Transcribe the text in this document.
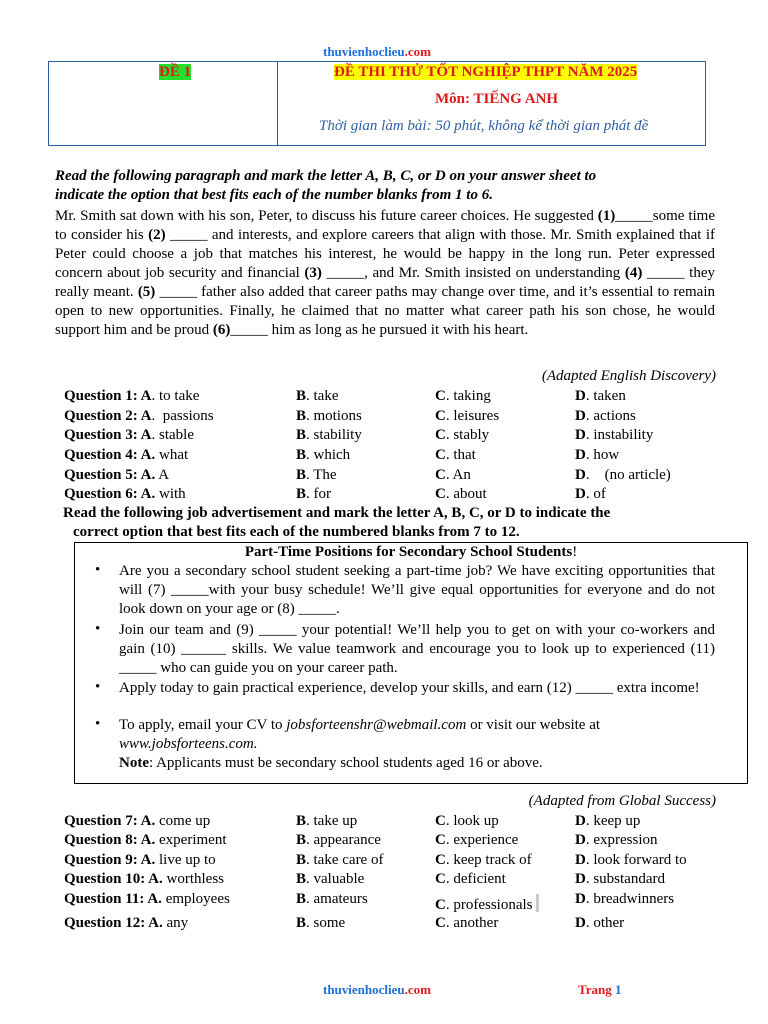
thuvienhoclieu.com
ĐỀ 1	ĐỀ THI THỬ TỐT NGHIỆP THPT NĂM 2025
Môn: TIẾNG ANH
Thời gian làm bài: 50 phút, không kể thời gian phát đề
Read the following paragraph and mark the letter A, B, C, or D on your answer sheet to
indicate the option that best fits each of the number blanks from 1 to 6.
Mr. Smith sat down with his son, Peter, to discuss his future career choices. He suggested (1)_____some time to consider his (2) _____ and interests, and explore careers that align with those. Mr. Smith explained that if Peter could choose a job that matches his interest, he would be happy in the long run. Peter expressed concern about job security and financial (3) _____, and Mr. Smith insisted on understanding (4) _____ they really meant. (5) _____ father also added that career paths may change over time, and it’s essential to remain open to new opportunities. Finally, he claimed that no matter what career path his son chose, he would support him and be proud (6)_____ him as long as he pursued it with his heart.
(Adapted English Discovery)
Question 1: A. to take	B. take	C. taking	D. taken
Question 2: A.  passions	B. motions	C. leisures	D. actions
Question 3: A. stable	B. stability	C. stably	D. instability
Question 4: A. what	B. which	C. that	D. how
Question 5: A. A	B. The	C. An	D.    (no article)
Question 6: A. with	B. for	C. about	D. of
Read the following job advertisement and mark the letter A, B, C, or D to indicate the
correct option that best fits each of the numbered blanks from 7 to 12.
Part-Time Positions for Secondary School Students!
• Are you a secondary school student seeking a part-time job? We have exciting opportunities that will (7) _____with your busy schedule! We’ll give equal opportunities for everyone and do not look down on your age or (8) _____.
• Join our team and (9) _____ your potential! We’ll help you to get on with your co-workers and gain (10) ______ skills. We value teamwork and encourage you to look up to experienced (11) _____ who can guide you on your career path.
• Apply today to gain practical experience, develop your skills, and earn (12) _____ extra income!
• To apply, email your CV to jobsforteenshr@webmail.com or visit our website at
www.jobsforteens.com.
Note: Applicants must be secondary school students aged 16 or above.
(Adapted from Global Success)
Question 7: A. come up	B. take up	C. look up	D. keep up
Question 8: A. experiment	B. appearance	C. experience	D. expression
Question 9: A. live up to	B. take care of	C. keep track of	D. look forward to
Question 10: A. worthless	B. valuable	C. deficient	D. substandard
Question 11: A. employees	B. amateurs	C. professionals	D. breadwinners
Question 12: A. any	B. some	C. another	D. other
thuvienhoclieu.com	Trang 1
